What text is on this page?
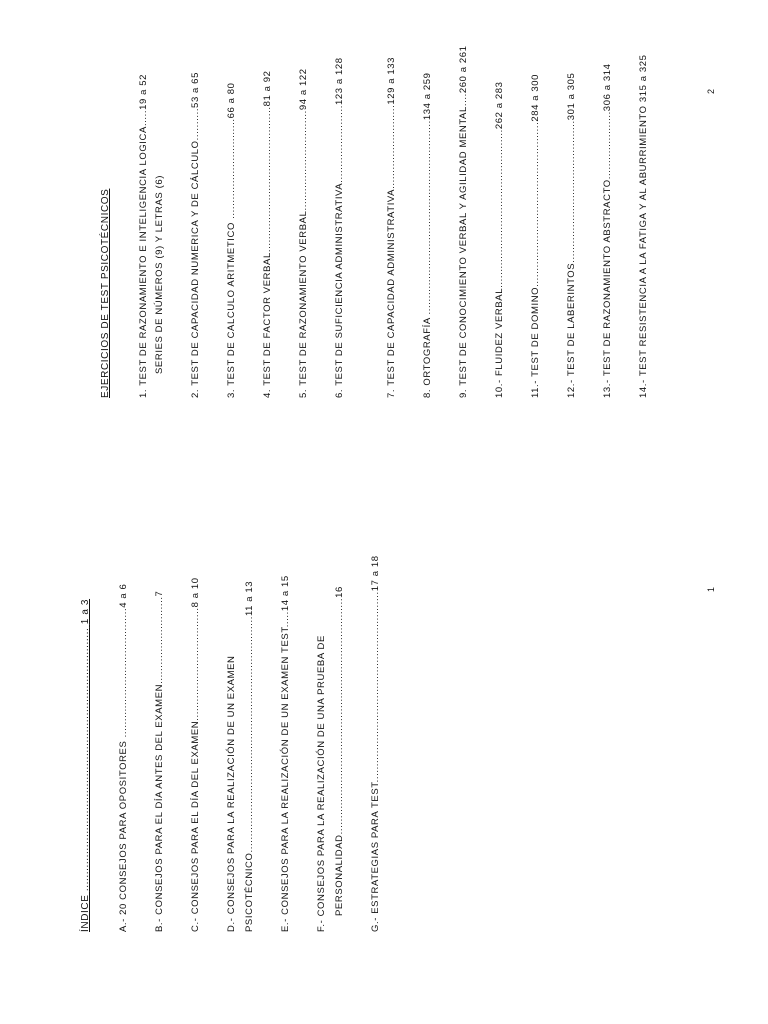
ÍNDICE .............................................................................. 1 a 3	A.- 20 CONSEJOS PARA OPOSITORES ........................................4 a 6	B.- CONSEJOS PARA EL DÍA ANTES DEL EXAMEN...........................7	C.- CONSEJOS PARA EL DÍA DEL EXAMEN...................................8 a 10	D.- CONSEJOS PARA LA REALIZACIÓN DE UN EXAMEN PSICOTÉCNICO.........................................................................11 a 13	E.- CONSEJOS PARA LA REALIZACIÓN DE UN EXAMEN TEST.....14 a 15	F.- CONSEJOS PARA LA REALIZACIÓN DE UNA PRUEBA DE PERSONALIDAD.........................................................................16	G.- ESTRATEGIAS PARA TEST...........................................................17 a 18	1
EJERCICIOS DE TEST PSICOTÉCNICOS	1. TEST DE RAZONAMIENTO E INTELIGENCIA LOGICA.....19 a 52 SERIES DE NÚMEROS (9) Y LETRAS (6)	2. TEST DE CAPACIDAD NUMERICA Y DE CÁLCULO..........53 a 65	3. TEST DE CALCULO ARITMETICO ...............................66 a 80	4. TEST DE FACTOR VERBAL.............................................81 a 92	5. TEST DE RAZONAMIENTO VERBAL...............................94 a 122	6. TEST DE SUFICIENCIA ADMINISTRATIVA........................123 a 128	7. TEST DE CAPACIDAD ADMINISTRATIVA..........................129 a 133	8. ORTOGRAFÍA ............................................................134 a 259	9. TEST DE CONOCIMIENTO VERBAL Y AGILIDAD MENTAL....260 a 261	10.- FLUIDEZ VERBAL.................................................262 a 283	11.- TEST DE DOMINO...................................................284 a 300	12.- TEST DE LABERINTOS............................................301 a 305	13.- TEST DE RAZONAMIENTO ABSTRACTO.....................306 a 314	14.- TEST RESISTENCIA A LA FATIGA Y AL ABURRIMIENTO 315 a 325	2
